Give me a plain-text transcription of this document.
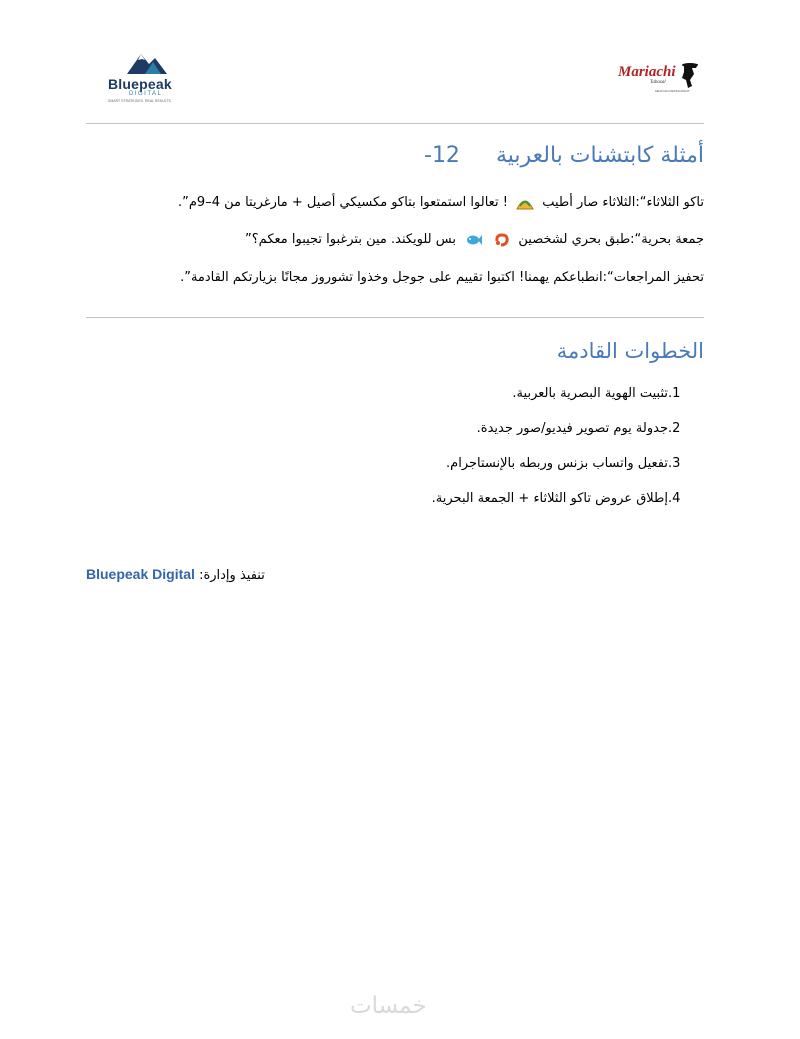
Bluepeak
DIGITAL
SMART STRATEGIES. REAL RESULTS.
Mariachi
Tabasal
MEXICAN RESTAURANT
أمثلة كابتشنات بالعربية12-
تاكو الثلاثاء“:الثلاثاء صار أطيب  ! تعالوا استمتعوا بتاكو مكسيكي أصيل + مارغريتا من 4–9م”.
جمعة بحرية“:طبق بحري لشخصين   بس للويكند. مين بترغبوا تجيبوا معكم؟”
تحفيز المراجعات“:انطباعكم يهمنا! اكتبوا تقييم على جوجل وخذوا تشوروز مجانًا بزيارتكم القادمة”.
الخطوات القادمة
1.تثبيت الهوية البصرية بالعربية.
2.جدولة يوم تصوير فيديو/صور جديدة.
3.تفعيل واتساب بزنس وربطه بالإنستاجرام.
4.إطلاق عروض تاكو الثلاثاء + الجمعة البحرية.
Bluepeak Digital تنفيذ وإدارة:
خمسات
